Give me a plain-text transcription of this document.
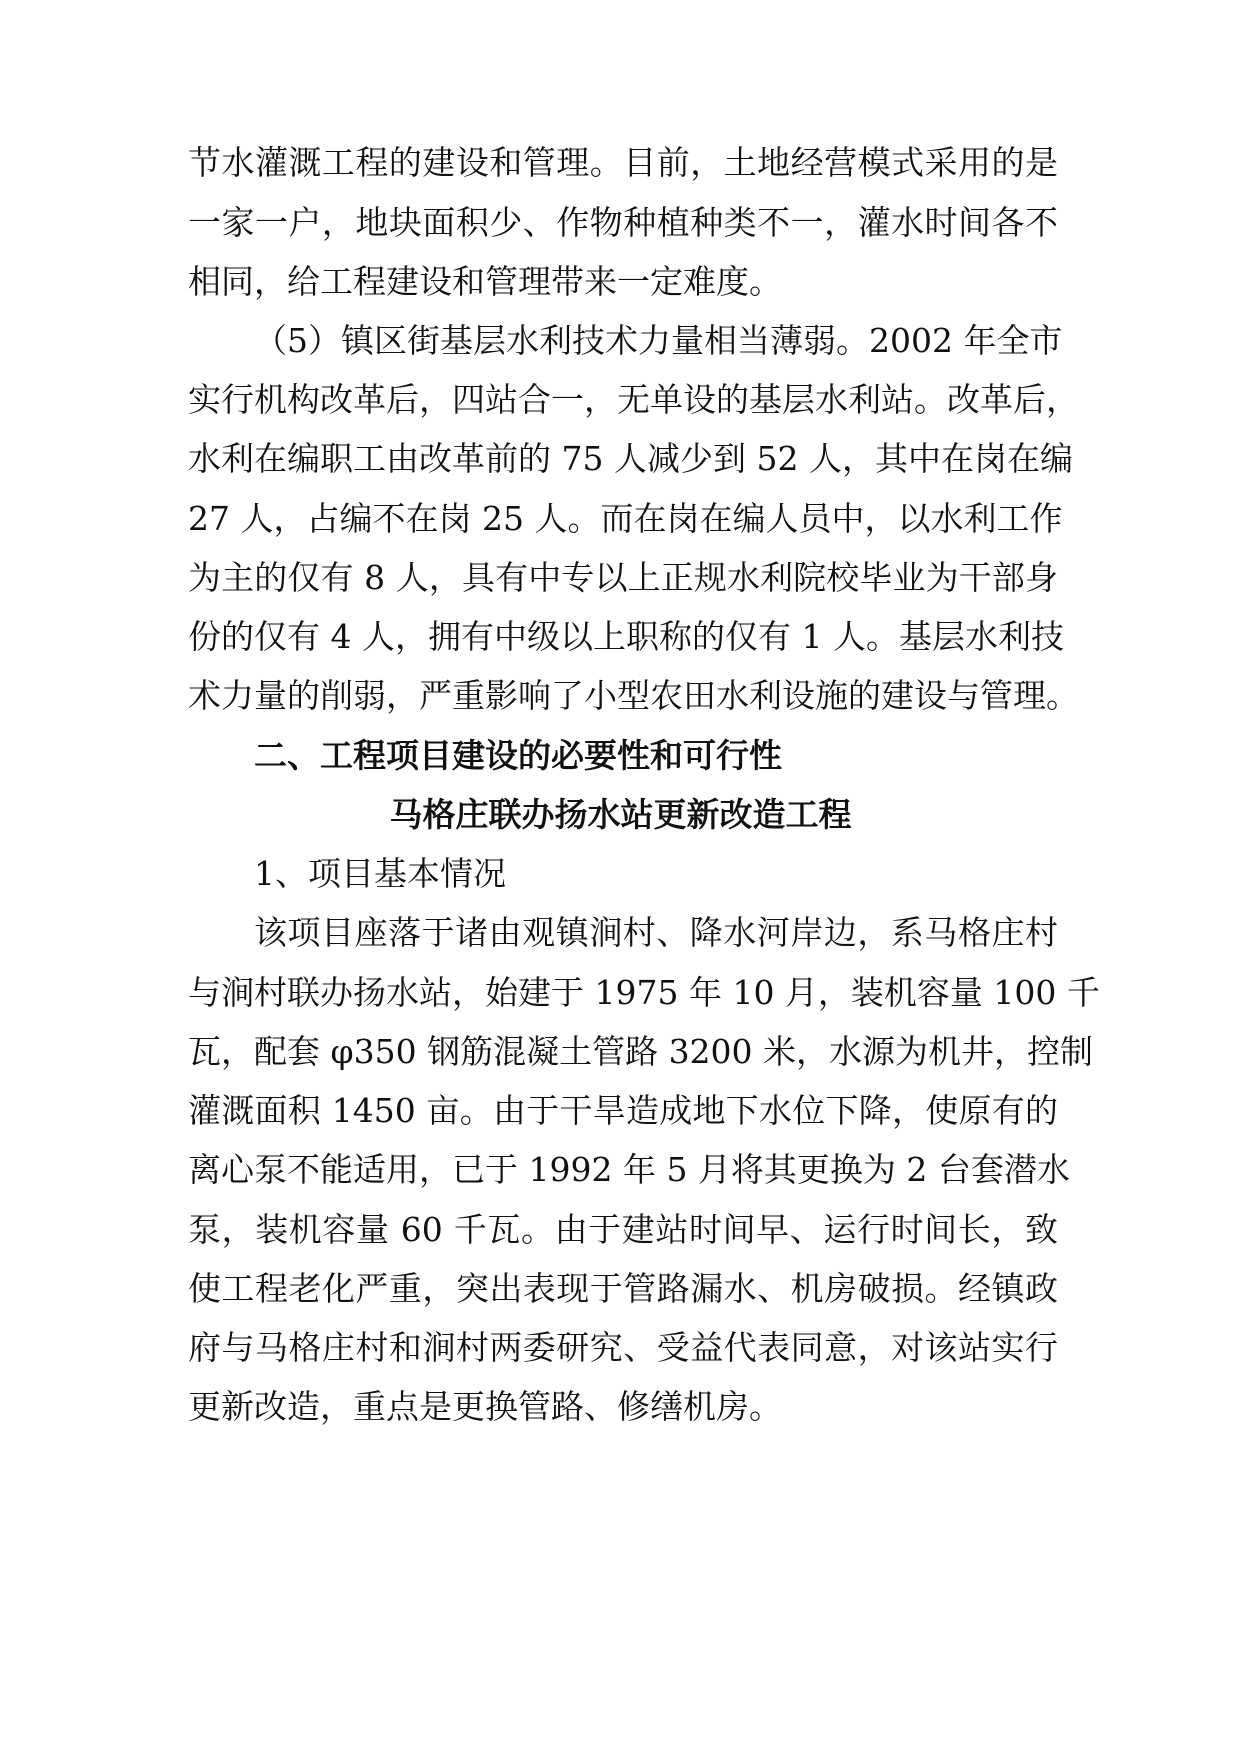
节水灌溉工程的建设和管理。目前，土地经营模式采用的是
一家一户，地块面积少、作物种植种类不一，灌水时间各不
相同，给工程建设和管理带来一定难度。
（5）镇区街基层水利技术力量相当薄弱。2002 年全市
实行机构改革后，四站合一，无单设的基层水利站。改革后，
水利在编职工由改革前的 75 人减少到 52 人，其中在岗在编
27 人，占编不在岗 25 人。而在岗在编人员中，以水利工作
为主的仅有 8 人，具有中专以上正规水利院校毕业为干部身
份的仅有 4 人，拥有中级以上职称的仅有 1 人。基层水利技
术力量的削弱，严重影响了小型农田水利设施的建设与管理。
二、工程项目建设的必要性和可行性
马格庄联办扬水站更新改造工程
1、项目基本情况
该项目座落于诸由观镇涧村、降水河岸边，系马格庄村
与涧村联办扬水站，始建于 1975 年 10 月，装机容量 100 千
瓦，配套 φ350 钢筋混凝土管路 3200 米，水源为机井，控制
灌溉面积 1450 亩。由于干旱造成地下水位下降，使原有的
离心泵不能适用，已于 1992 年 5 月将其更换为 2 台套潜水
泵，装机容量 60 千瓦。由于建站时间早、运行时间长，致
使工程老化严重，突出表现于管路漏水、机房破损。经镇政
府与马格庄村和涧村两委研究、受益代表同意，对该站实行
更新改造，重点是更换管路、修缮机房。
